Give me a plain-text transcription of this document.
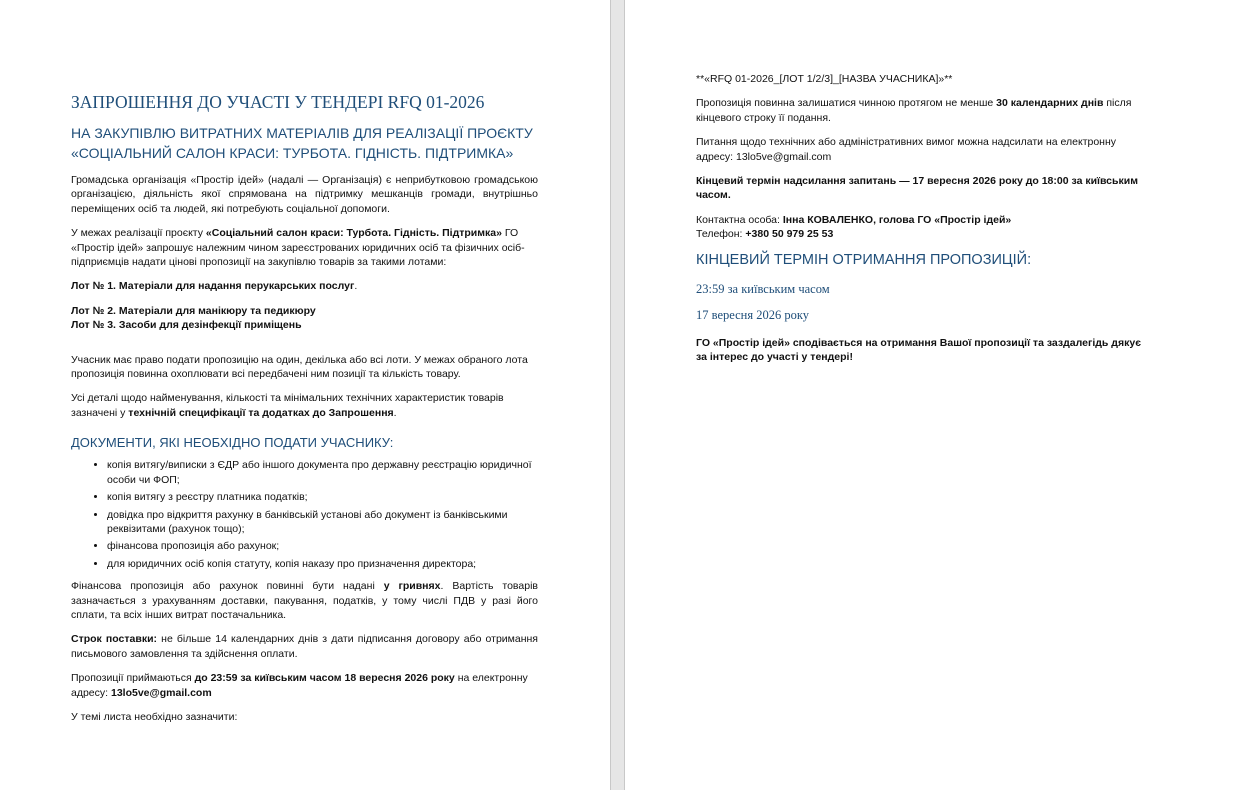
ЗАПРОШЕННЯ ДО УЧАСТІ У ТЕНДЕРІ RFQ 01-2026
НА ЗАКУПІВЛЮ ВИТРАТНИХ МАТЕРІАЛІВ ДЛЯ РЕАЛІЗАЦІЇ ПРОЄКТУ «СОЦІАЛЬНИЙ САЛОН КРАСИ: ТУРБОТА. ГІДНІСТЬ. ПІДТРИМКА»

Громадська організація «Простір ідей» (надалі — Організація) є неприбутковою громадською організацією, діяльність якої спрямована на підтримку мешканців громади, внутрішньо переміщених осіб та людей, які потребують соціальної допомоги.

У межах реалізації проєкту «Соціальний салон краси: Турбота. Гідність. Підтримка» ГО «Простір ідей» запрошує належним чином зареєстрованих юридичних осіб та фізичних осіб-підприємців надати цінові пропозиції на закупівлю товарів за такими лотами:

Лот № 1. Матеріали для надання перукарських послуг.

Лот № 2. Матеріали для манікюру та педикюру

Лот № 3. Засоби для дезінфекції приміщень

Учасник має право подати пропозицію на один, декілька або всі лоти. У межах обраного лота пропозиція повинна охоплювати всі передбачені ним позиції та кількість товару.

Усі деталі щодо найменування, кількості та мінімальних технічних характеристик товарів зазначені у технічній специфікації та додатках до Запрошення.

ДОКУМЕНТИ, ЯКІ НЕОБХІДНО ПОДАТИ УЧАСНИКУ:
• копія витягу/виписки з ЄДР або іншого документа про державну реєстрацію юридичної особи чи ФОП;
• копія витягу з реєстру платника податків;
• довідка про відкриття рахунку в банківській установі або документ із банківськими реквізитами (рахунок тощо);
• фінансова пропозиція або рахунок;
• для юридичних осіб копія статуту, копія наказу про призначення директора;

Фінансова пропозиція або рахунок повинні бути надані у гривнях. Вартість товарів зазначається з урахуванням доставки, пакування, податків, у тому числі ПДВ у разі його сплати, та всіх інших витрат постачальника.

Строк поставки: не більше 14 календарних днів з дати підписання договору або отримання письмового замовлення та здійснення оплати.

Пропозиції приймаються до 23:59 за київським часом 18 вересня 2026 року на електронну адресу: 13lo5ve@gmail.com

У темі листа необхідно зазначити:

**«RFQ 01-2026_[ЛОТ 1/2/3]_[НАЗВА УЧАСНИКА]»**

Пропозиція повинна залишатися чинною протягом не менше 30 календарних днів після кінцевого строку її подання.

Питання щодо технічних або адміністративних вимог можна надсилати на електронну адресу: 13lo5ve@gmail.com

Кінцевий термін надсилання запитань — 17 вересня 2026 року до 18:00 за київським часом.

Контактна особа: Інна КОВАЛЕНКО, голова ГО «Простір ідей»
Телефон: +380 50 979 25 53

КІНЦЕВИЙ ТЕРМІН ОТРИМАННЯ ПРОПОЗИЦІЙ:
23:59 за київським часом
17 вересня 2026 року

ГО «Простір ідей» сподівається на отримання Вашої пропозиції та заздалегідь дякує за інтерес до участі у тендері!
